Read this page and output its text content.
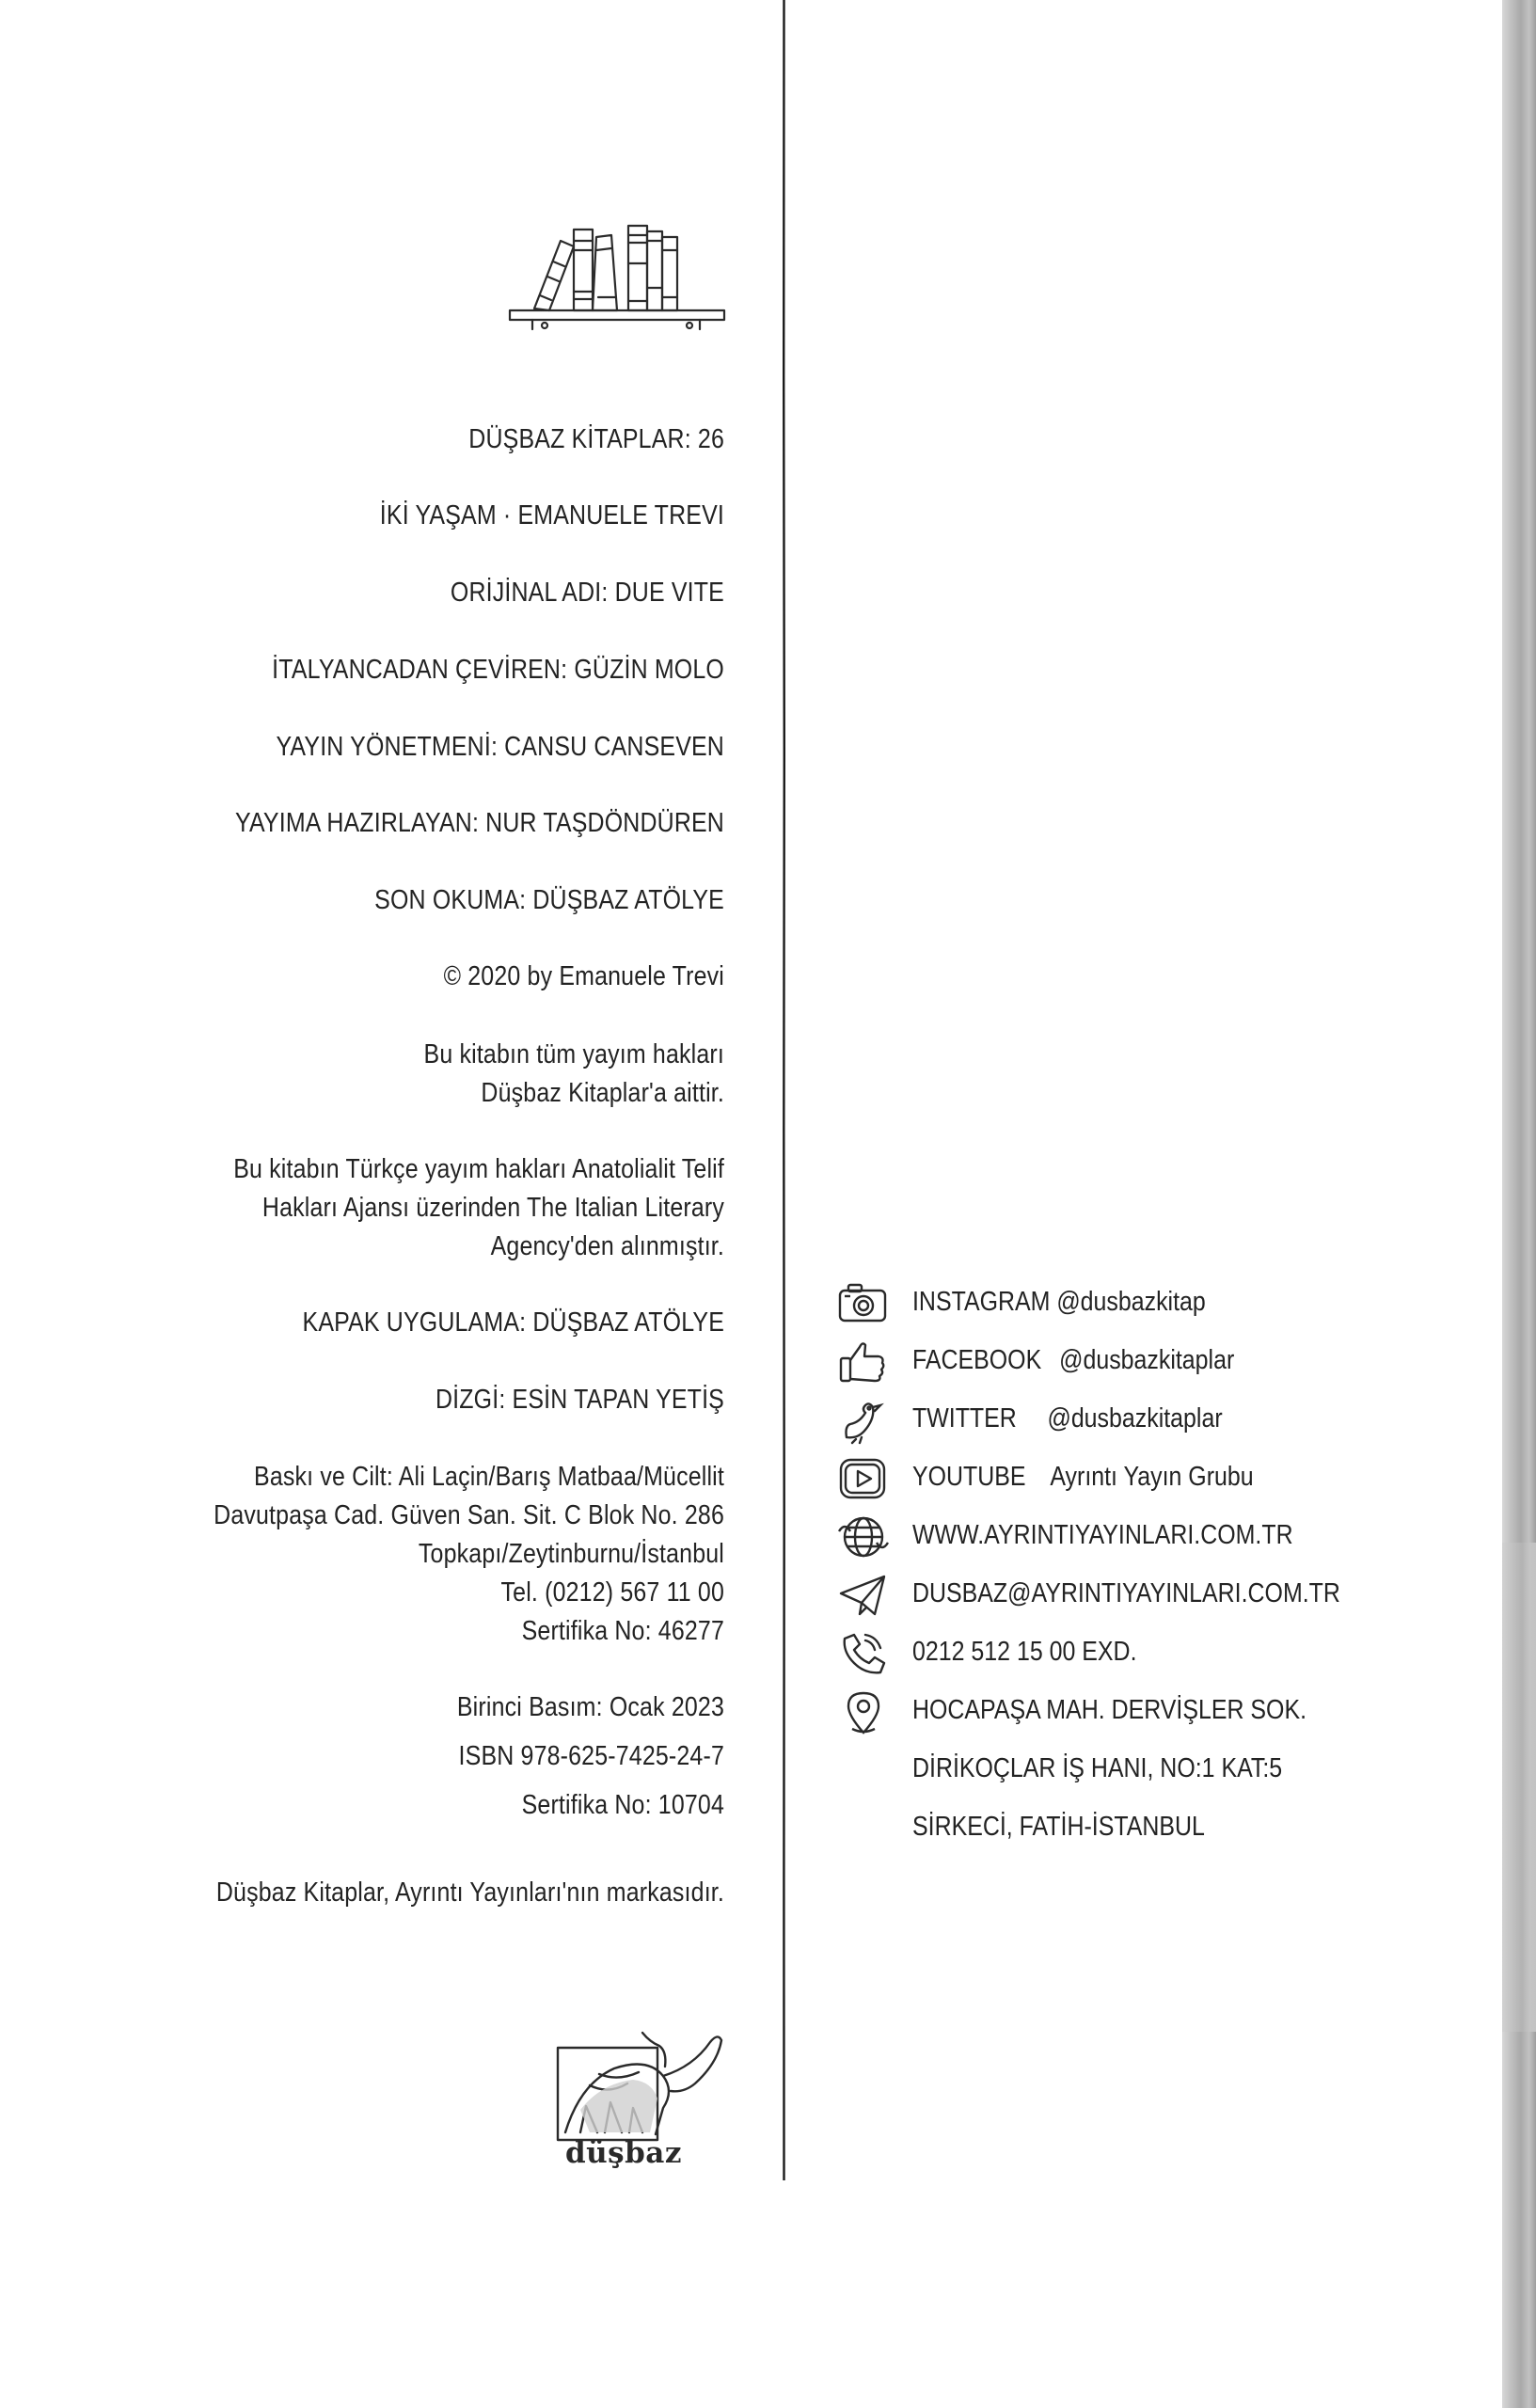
DÜŞBAZ KİTAPLAR: 26
İKİ YAŞAM · EMANUELE TREVI
ORİJİNAL ADI: DUE VITE
İTALYANCADAN ÇEVİREN: GÜZİN MOLO
YAYIN YÖNETMENİ: CANSU CANSEVEN
YAYIMA HAZIRLAYAN: NUR TAŞDÖNDÜREN
SON OKUMA: DÜŞBAZ ATÖLYE
© 2020 by Emanuele Trevi
Bu kitabın tüm yayım hakları
Düşbaz Kitaplar'a aittir.
Bu kitabın Türkçe yayım hakları Anatolialit Telif
Hakları Ajansı üzerinden The Italian Literary
Agency'den alınmıştır.
KAPAK UYGULAMA: DÜŞBAZ ATÖLYE
DİZGİ: ESİN TAPAN YETİŞ
Baskı ve Cilt: Ali Laçin/Barış Matbaa/Mücellit
Davutpaşa Cad. Güven San. Sit. C Blok No. 286
Topkapı/Zeytinburnu/İstanbul
Tel. (0212) 567 11 00
Sertifika No: 46277
Birinci Basım: Ocak 2023
ISBN 978-625-7425-24-7
Sertifika No: 10704
Düşbaz Kitaplar, Ayrıntı Yayınları'nın markasıdır.
INSTAGRAM @dusbazkitap
FACEBOOK @dusbazkitaplar
TWITTER @dusbazkitaplar
YOUTUBE Ayrıntı Yayın Grubu
WWW.AYRINTIYAYINLARI.COM.TR
DUSBAZ@AYRINTIYAYINLARI.COM.TR
0212 512 15 00 EXD.
HOCAPAŞA MAH. DERVİŞLER SOK.
DİRİKOÇLAR İŞ HANI, NO:1 KAT:5
SİRKECİ, FATİH-İSTANBUL
düşbaz
